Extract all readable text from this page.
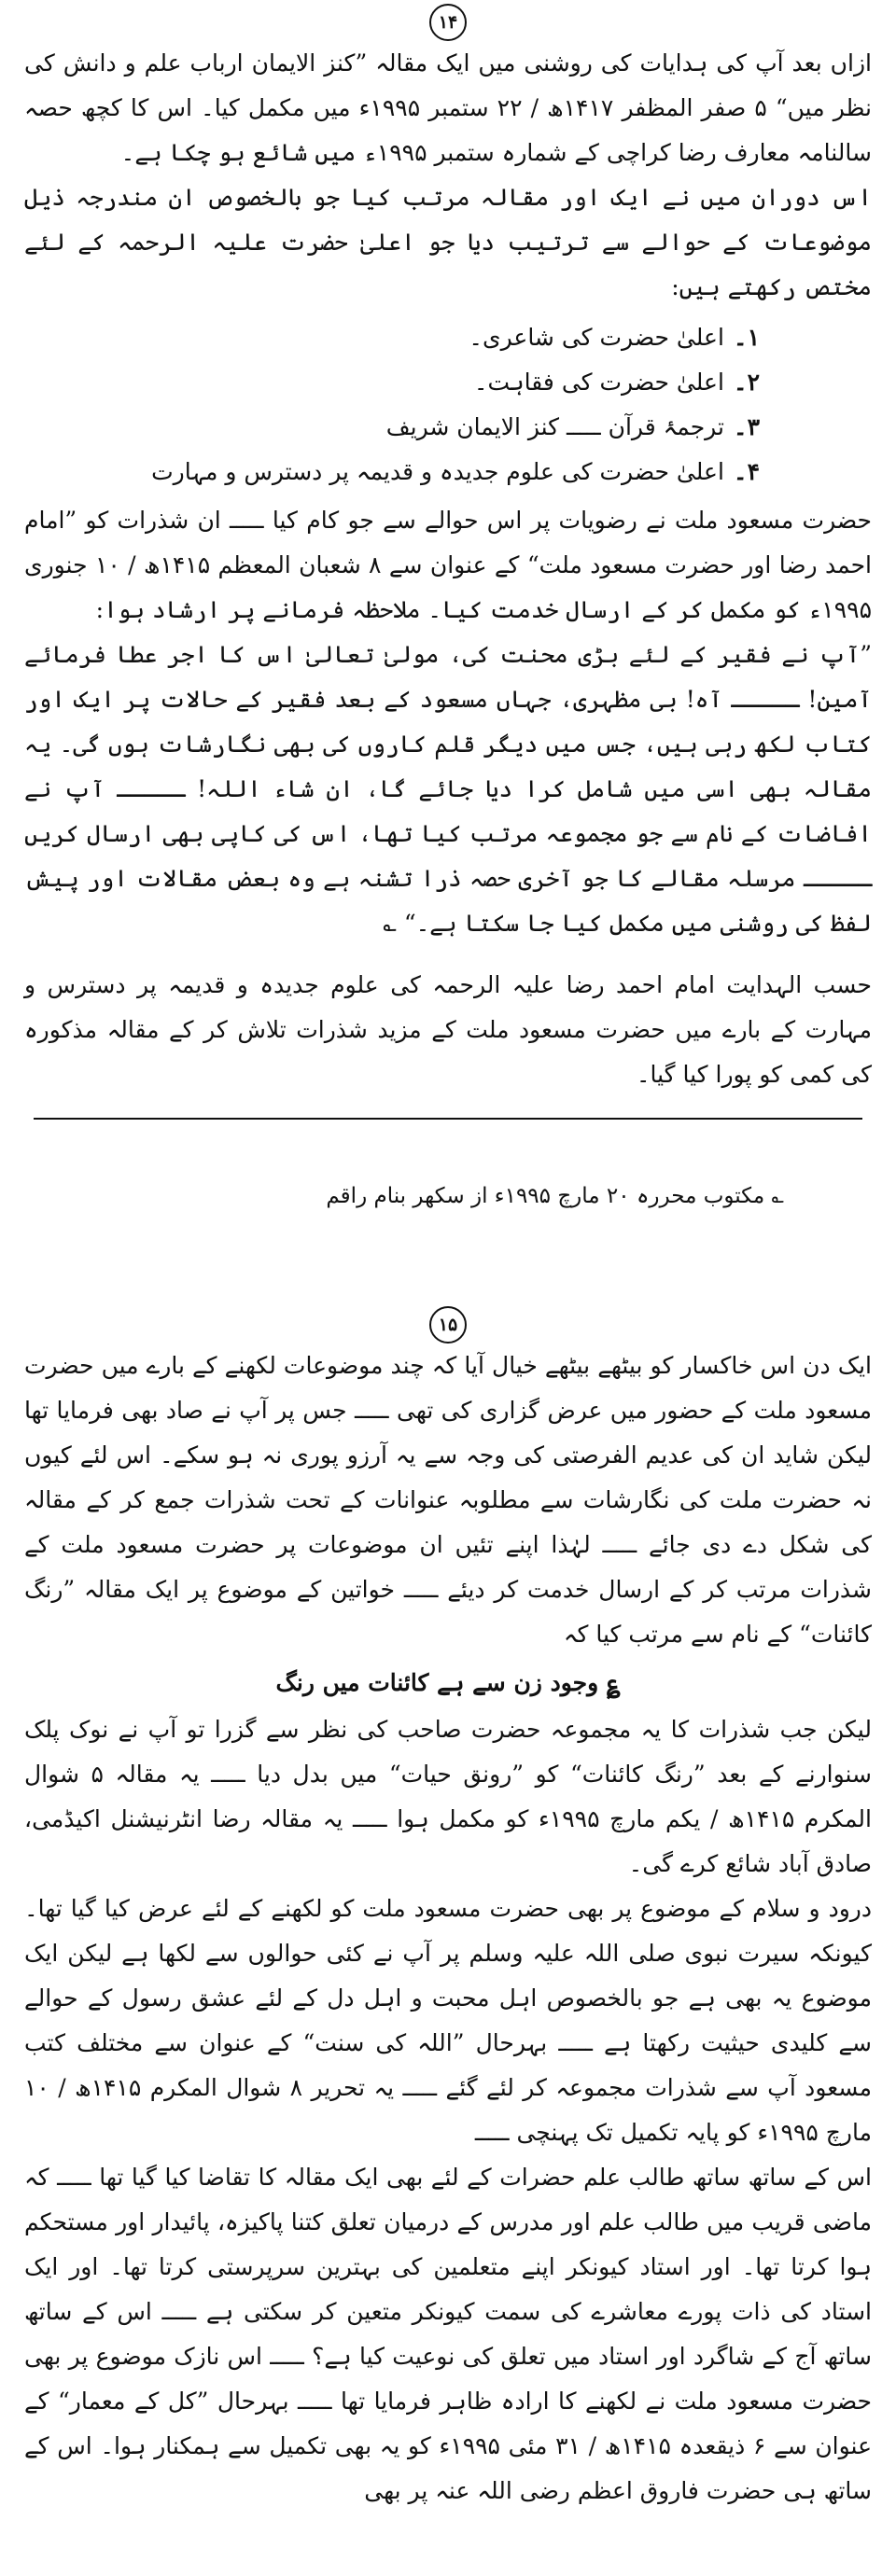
۱۴

ازاں بعد آپ کی ہدایات کی روشنی میں ایک مقالہ ”کنز الایمان ارباب علم و دانش کی نظر میں“ ۵ صفر المظفر ۱۴۱۷ھ / ۲۲ ستمبر ۱۹۹۵ء میں مکمل کیا۔ اس کا کچھ حصہ سالنامہ معارف رضا کراچی کے شمارہ ستمبر ۱۹۹۵ء میں شائع ہو چکا ہے۔

اس دوران میں نے ایک اور مقالہ مرتب کیا جو بالخصوص ان مندرجہ ذیل موضوعات کے حوالے سے ترتیب دیا جو اعلیٰ حضرت علیہ الرحمہ کے لئے مختص رکھتے ہیں:

۱۔اعلیٰ حضرت کی شاعری۔
۲۔اعلیٰ حضرت کی فقاہت۔
۳۔ترجمۂ قرآن ـــــ کنز الایمان شریف
۴۔اعلیٰ حضرت کی علوم جدیدہ و قدیمہ پر دسترس و مہارت

حضرت مسعود ملت نے رضویات پر اس حوالے سے جو کام کیا ـــــ ان شذرات کو ”امام احمد رضا اور حضرت مسعود ملت“ کے عنوان سے ۸ شعبان المعظم ۱۴۱۵ھ / ۱۰ جنوری ۱۹۹۵ء کو مکمل کر کے ارسال خدمت کیا۔ ملاحظہ فرمانے پر ارشاد ہوا:

”آپ نے فقیر کے لئے بڑی محنت کی، مولیٰ تعالیٰ اس کا اجر عطا فرمائے آمین! ـــــ آہ! بی مظہری، جہاں مسعود کے بعد فقیر کے حالات پر ایک اور کتاب لکھ رہی ہیں، جس میں دیگر قلم کاروں کی بھی نگارشات ہوں گی۔ یہ مقالہ بھی اسی میں شامل کرا دیا جائے گا، ان شاء اللہ! ـــــ آپ نے افاضات کے نام سے جو مجموعہ مرتب کیا تھا، اس کی کاپی بھی ارسال کریں ـــــ مرسلہ مقالے کا جو آخری حصہ ذرا تشنہ ہے وہ بعض مقالات اور پیش لفظ کی روشنی میں مکمل کیا جا سکتا ہے۔“ ؎

حسب الہدایت امام احمد رضا علیہ الرحمہ کی علوم جدیدہ و قدیمہ پر دسترس و مہارت کے بارے میں حضرت مسعود ملت کے مزید شذرات تلاش کر کے مقالہ مذکورہ کی کمی کو پورا کیا گیا۔

؎ مکتوب محررہ ۲۰ مارچ ۱۹۹۵ء از سکھر بنام راقم
۱۵

ایک دن اس خاکسار کو بیٹھے بیٹھے خیال آیا کہ چند موضوعات لکھنے کے بارے میں حضرت مسعود ملت کے حضور میں عرض گزاری کی تھی ـــــ جس پر آپ نے صاد بھی فرمایا تھا لیکن شاید ان کی عدیم الفرصتی کی وجہ سے یہ آرزو پوری نہ ہو سکے۔ اس لئے کیوں نہ حضرت ملت کی نگارشات سے مطلوبہ عنوانات کے تحت شذرات جمع کر کے مقالہ کی شکل دے دی جائے ـــــ لہٰذا اپنے تئیں ان موضوعات پر حضرت مسعود ملت کے شذرات مرتب کر کے ارسال خدمت کر دیئے ـــــ خواتین کے موضوع پر ایک مقالہ ”رنگ کائنات“ کے نام سے مرتب کیا کہ

؏ وجود زن سے ہے کائنات میں رنگ

لیکن جب شذرات کا یہ مجموعہ حضرت صاحب کی نظر سے گزرا تو آپ نے نوک پلک سنوارنے کے بعد ”رنگ کائنات“ کو ”رونق حیات“ میں بدل دیا ـــــ یہ مقالہ ۵ شوال المکرم ۱۴۱۵ھ / یکم مارچ ۱۹۹۵ء کو مکمل ہوا ـــــ یہ مقالہ رضا انٹرنیشنل اکیڈمی، صادق آباد شائع کرے گی۔

درود و سلام کے موضوع پر بھی حضرت مسعود ملت کو لکھنے کے لئے عرض کیا گیا تھا۔ کیونکہ سیرت نبوی صلی اللہ علیہ وسلم پر آپ نے کئی حوالوں سے لکھا ہے لیکن ایک موضوع یہ بھی ہے جو بالخصوص اہل محبت و اہل دل کے لئے عشق رسول کے حوالے سے کلیدی حیثیت رکھتا ہے ـــــ بہرحال ”اللہ کی سنت“ کے عنوان سے مختلف کتب مسعود آپ سے شذرات مجموعہ کر لئے گئے ـــــ یہ تحریر ۸ شوال المکرم ۱۴۱۵ھ / ۱۰ مارچ ۱۹۹۵ء کو پایہ تکمیل تک پہنچی ـــــ

اس کے ساتھ ساتھ طالب علم حضرات کے لئے بھی ایک مقالہ کا تقاضا کیا گیا تھا ـــــ کہ ماضی قریب میں طالب علم اور مدرس کے درمیان تعلق کتنا پاکیزہ، پائیدار اور مستحکم ہوا کرتا تھا۔ اور استاد کیونکر اپنے متعلمین کی بہترین سرپرستی کرتا تھا۔ اور ایک استاد کی ذات پورے معاشرے کی سمت کیونکر متعین کر سکتی ہے ـــــ اس کے ساتھ ساتھ آج کے شاگرد اور استاد میں تعلق کی نوعیت کیا ہے؟ ـــــ اس نازک موضوع پر بھی حضرت مسعود ملت نے لکھنے کا ارادہ ظاہر فرمایا تھا ـــــ بہرحال ”کل کے معمار“ کے عنوان سے ۶ ذیقعدہ ۱۴۱۵ھ / ۳۱ مئی ۱۹۹۵ء کو یہ بھی تکمیل سے ہمکنار ہوا۔ اس کے ساتھ ہی حضرت فاروق اعظم رضی اللہ عنہ پر بھی
